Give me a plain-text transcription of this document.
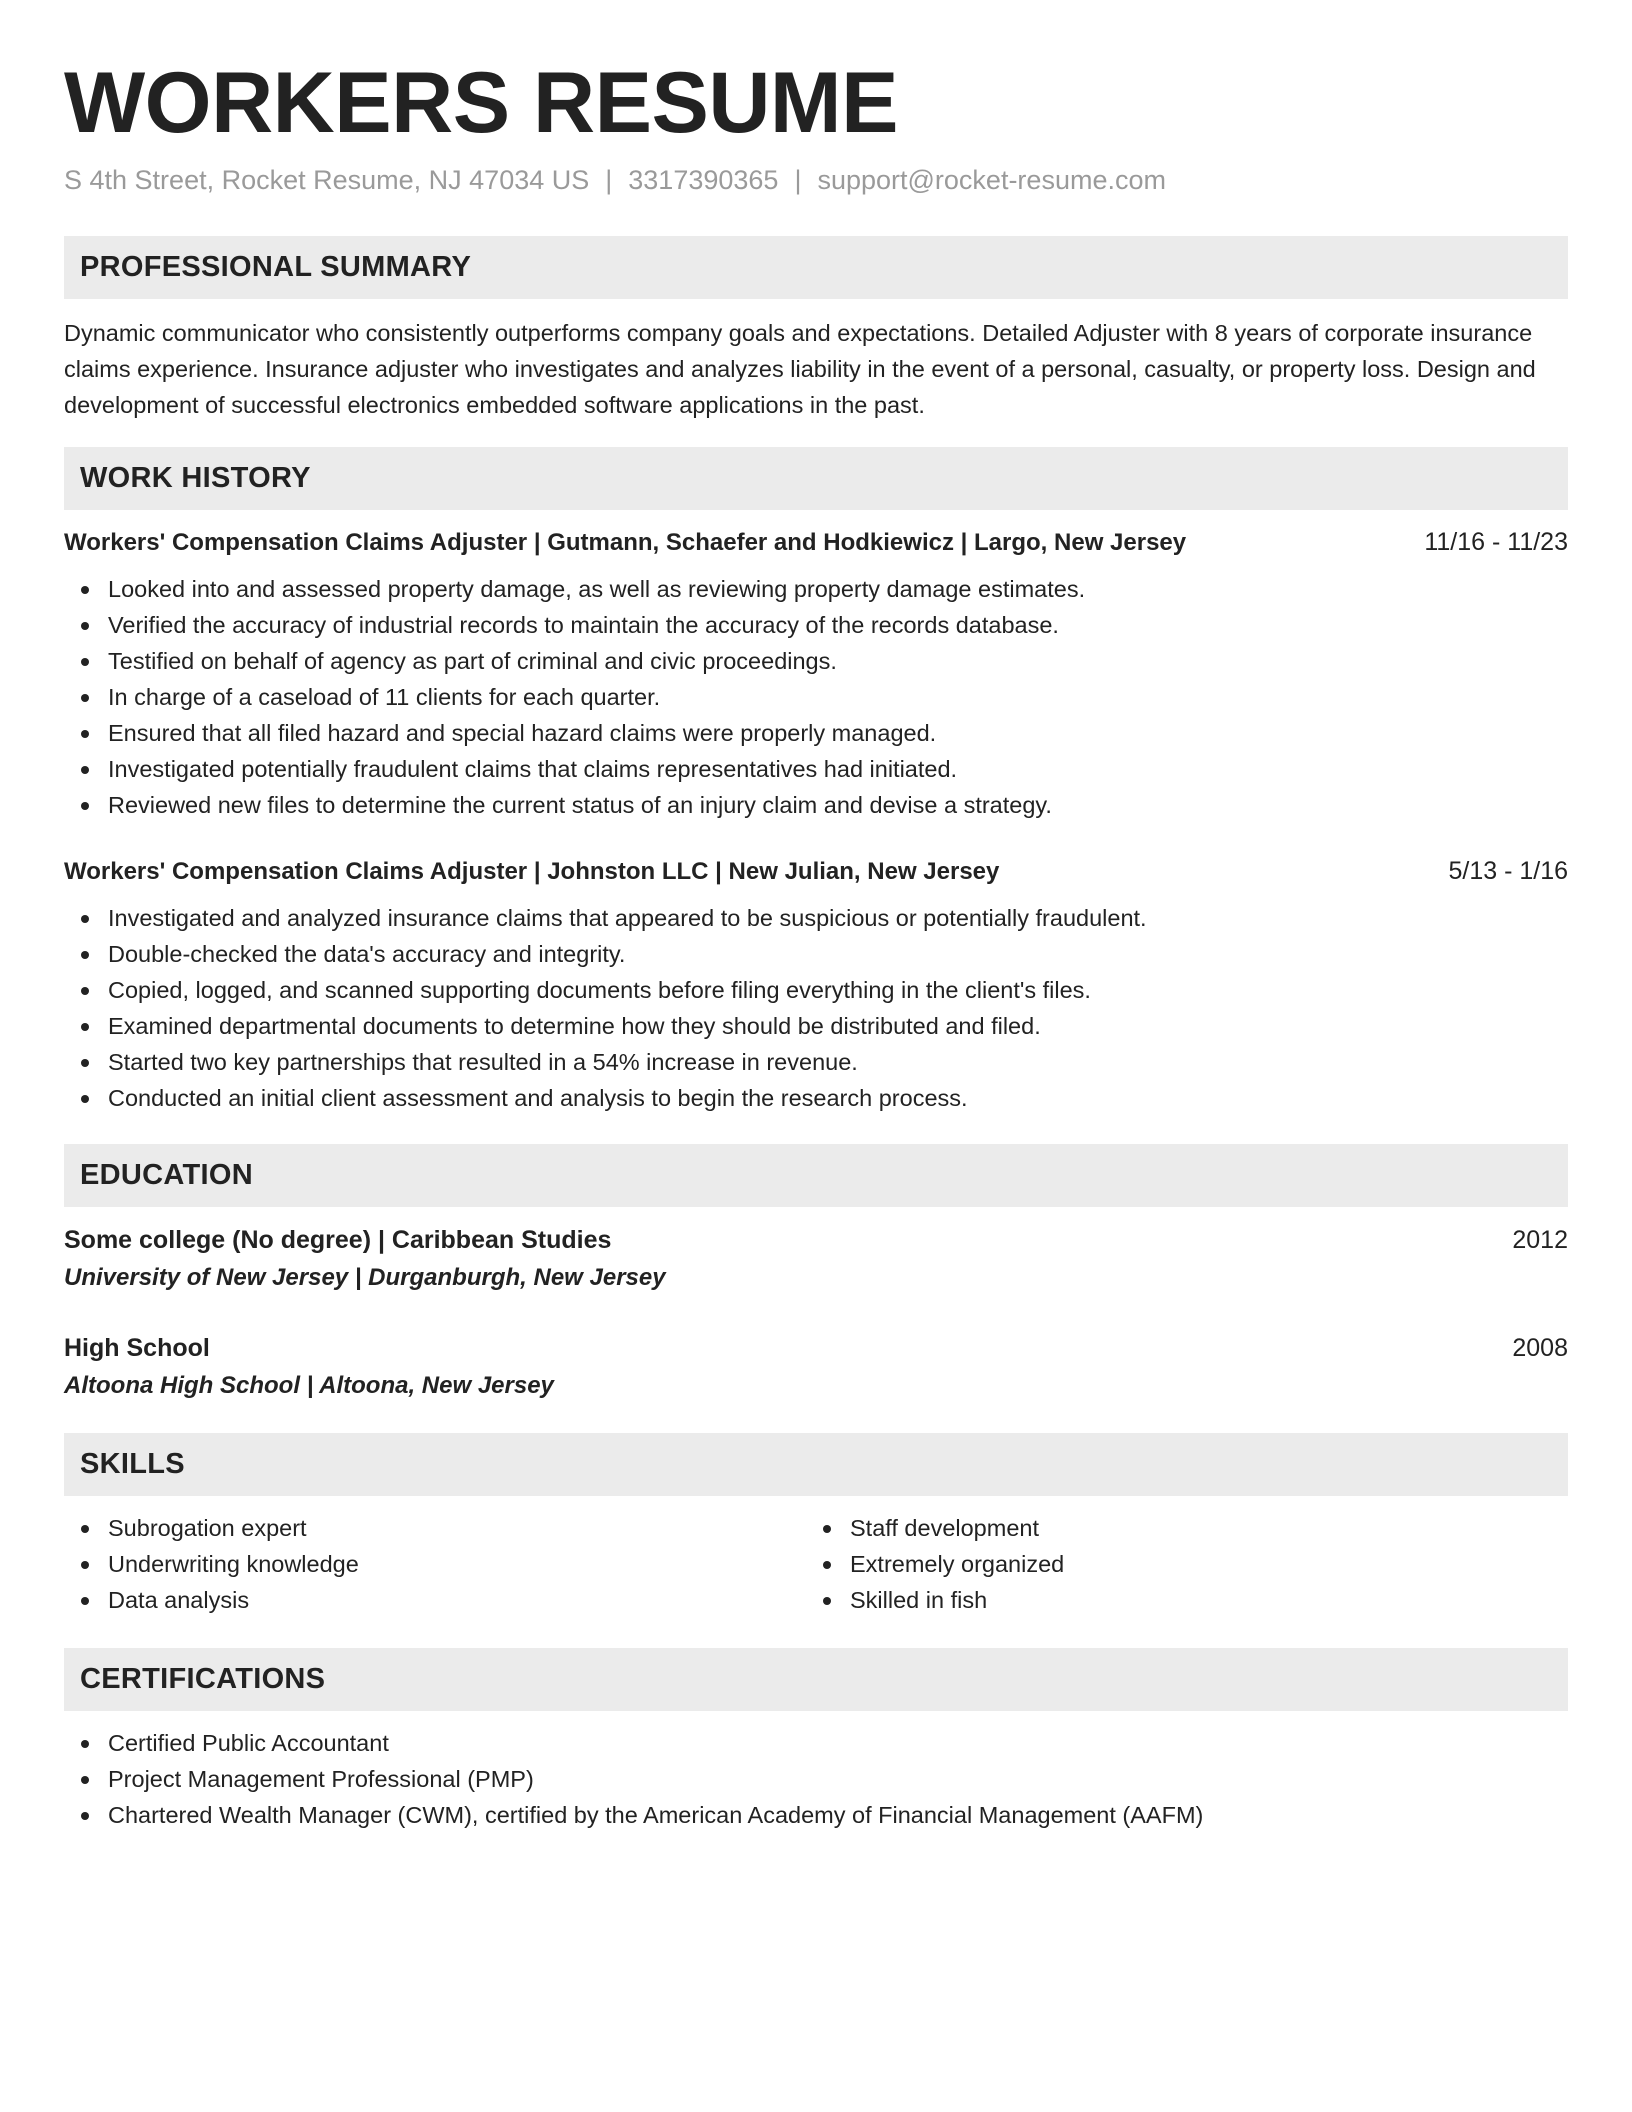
WORKERS RESUME
S 4th Street, Rocket Resume, NJ 47034 US | 3317390365 | support@rocket-resume.com
PROFESSIONAL SUMMARY
Dynamic communicator who consistently outperforms company goals and expectations. Detailed Adjuster with 8 years of corporate insurance claims experience. Insurance adjuster who investigates and analyzes liability in the event of a personal, casualty, or property loss. Design and development of successful electronics embedded software applications in the past.
WORK HISTORY
Workers' Compensation Claims Adjuster | Gutmann, Schaefer and Hodkiewicz | Largo, New Jersey	11/16 - 11/23
Looked into and assessed property damage, as well as reviewing property damage estimates.
Verified the accuracy of industrial records to maintain the accuracy of the records database.
Testified on behalf of agency as part of criminal and civic proceedings.
In charge of a caseload of 11 clients for each quarter.
Ensured that all filed hazard and special hazard claims were properly managed.
Investigated potentially fraudulent claims that claims representatives had initiated.
Reviewed new files to determine the current status of an injury claim and devise a strategy.
Workers' Compensation Claims Adjuster | Johnston LLC | New Julian, New Jersey	5/13 - 1/16
Investigated and analyzed insurance claims that appeared to be suspicious or potentially fraudulent.
Double-checked the data's accuracy and integrity.
Copied, logged, and scanned supporting documents before filing everything in the client's files.
Examined departmental documents to determine how they should be distributed and filed.
Started two key partnerships that resulted in a 54% increase in revenue.
Conducted an initial client assessment and analysis to begin the research process.
EDUCATION
Some college (No degree) | Caribbean Studies	2012
University of New Jersey | Durganburgh, New Jersey
High School	2008
Altoona High School | Altoona, New Jersey
SKILLS
Subrogation expert
Underwriting knowledge
Data analysis
Staff development
Extremely organized
Skilled in fish
CERTIFICATIONS
Certified Public Accountant
Project Management Professional (PMP)
Chartered Wealth Manager (CWM), certified by the American Academy of Financial Management (AAFM)
